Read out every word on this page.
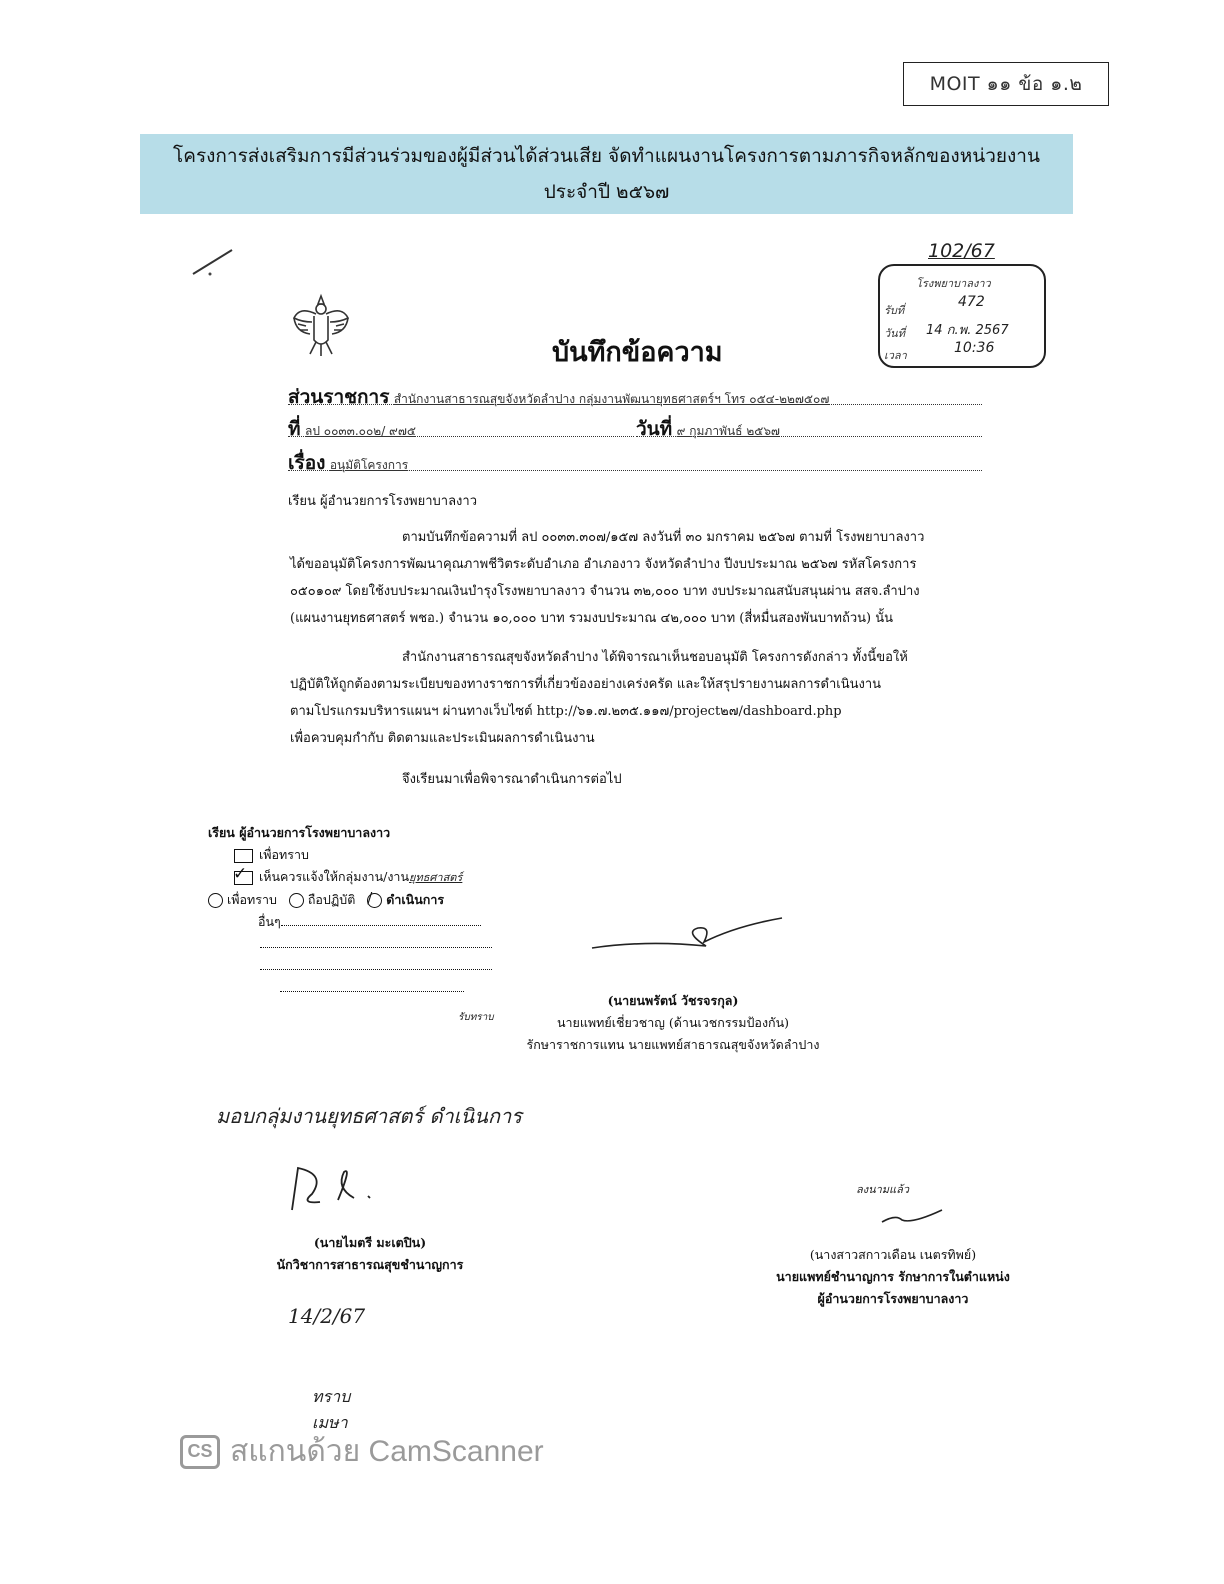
MOIT ๑๑ ข้อ ๑.๒
โครงการส่งเสริมการมีส่วนร่วมของผู้มีส่วนได้ส่วนเสีย จัดทำแผนงานโครงการตามภารกิจหลักของหน่วยงาน
ประจำปี ๒๕๖๗
102/67
โรงพยาบาลงาว
รับที่
472
วันที่ 14 ก.พ. 2567
เวลา	10:36
บันทึกข้อความ
ส่วนราชการ สำนักงานสาธารณสุขจังหวัดลำปาง กลุ่มงานพัฒนายุทธศาสตร์ฯ โทร ๐๕๔-๒๒๗๕๐๗
ที่ ลป ๐๐๓๓.๐๐๒/ ๙๗๕	วันที่ ๙ กุมภาพันธ์ ๒๕๖๗
เรื่อง อนุมัติโครงการ
เรียน ผู้อำนวยการโรงพยาบาลงาว
ตามบันทึกข้อความที่ ลป ๐๐๓๓.๓๐๗/๑๕๗ ลงวันที่ ๓๐ มกราคม ๒๕๖๗ ตามที่ โรงพยาบาลงาว
ได้ขออนุมัติโครงการพัฒนาคุณภาพชีวิตระดับอำเภอ อำเภองาว จังหวัดลำปาง ปีงบประมาณ ๒๕๖๗ รหัสโครงการ
๐๕๐๑๐๙ โดยใช้งบประมาณเงินบำรุงโรงพยาบาลงาว จำนวน ๓๒,๐๐๐ บาท งบประมาณสนับสนุนผ่าน สสจ.ลำปาง
(แผนงานยุทธศาสตร์ พชอ.) จำนวน ๑๐,๐๐๐ บาท รวมงบประมาณ ๔๒,๐๐๐ บาท (สี่หมื่นสองพันบาทถ้วน) นั้น
สำนักงานสาธารณสุขจังหวัดลำปาง ได้พิจารณาเห็นชอบอนุมัติ โครงการดังกล่าว ทั้งนี้ขอให้
ปฏิบัติให้ถูกต้องตามระเบียบของทางราชการที่เกี่ยวข้องอย่างเคร่งครัด และให้สรุปรายงานผลการดำเนินงาน
ตามโปรแกรมบริหารแผนฯ ผ่านทางเว็บไซต์ http://๖๑.๗.๒๓๕.๑๑๗/project๒๗/dashboard.php
เพื่อควบคุมกำกับ ติดตามและประเมินผลการดำเนินงาน
จึงเรียนมาเพื่อพิจารณาดำเนินการต่อไป
เรียน ผู้อำนวยการโรงพยาบาลงาว
เพื่อทราบ
✓ เห็นควรแจ้งให้กลุ่มงาน/งานยุทธศาสตร์
เพื่อทราบ ถือปฏิบัติ / ดำเนินการ
อื่นๆ
รับทราบ
(นายนพรัตน์ วัชรจรกุล)
นายแพทย์เชี่ยวชาญ (ด้านเวชกรรมป้องกัน)
รักษาราชการแทน นายแพทย์สาธารณสุขจังหวัดลำปาง
มอบกลุ่มงานยุทธศาสตร์ ดำเนินการ
(นายไมตรี มะเตปิน)
นักวิชาการสาธารณสุขชำนาญการ
14/2/67
ลงนามแล้ว
(นางสาวสกาวเดือน เนตรทิพย์)
นายแพทย์ชำนาญการ รักษาการในตำแหน่ง
ผู้อำนวยการโรงพยาบาลงาว
ทราบ
เมษา
CS สแกนด้วย CamScanner
